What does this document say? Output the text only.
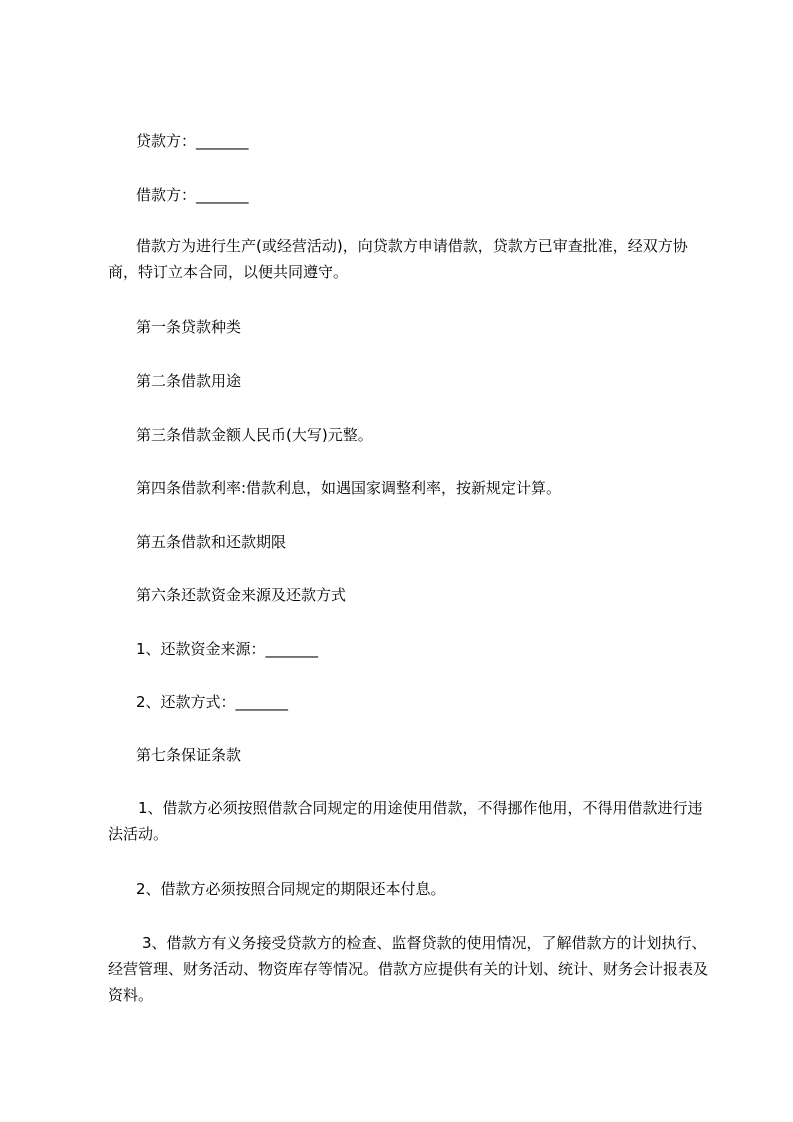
贷款方：_______
借款方：_______
借款方为进行生产(或经营活动)，向贷款方申请借款，贷款方已审查批准，经双方协商，特订立本合同，以便共同遵守。
第一条贷款种类
第二条借款用途
第三条借款金额人民币(大写)元整。
第四条借款利率:借款利息，如遇国家调整利率，按新规定计算。
第五条借款和还款期限
第六条还款资金来源及还款方式
1、还款资金来源：_______
2、还款方式：_______
第七条保证条款
1、借款方必须按照借款合同规定的用途使用借款，不得挪作他用，不得用借款进行违法活动。
2、借款方必须按照合同规定的期限还本付息。
3、借款方有义务接受贷款方的检查、监督贷款的使用情况，了解借款方的计划执行、经营管理、财务活动、物资库存等情况。借款方应提供有关的计划、统计、财务会计报表及资料。
